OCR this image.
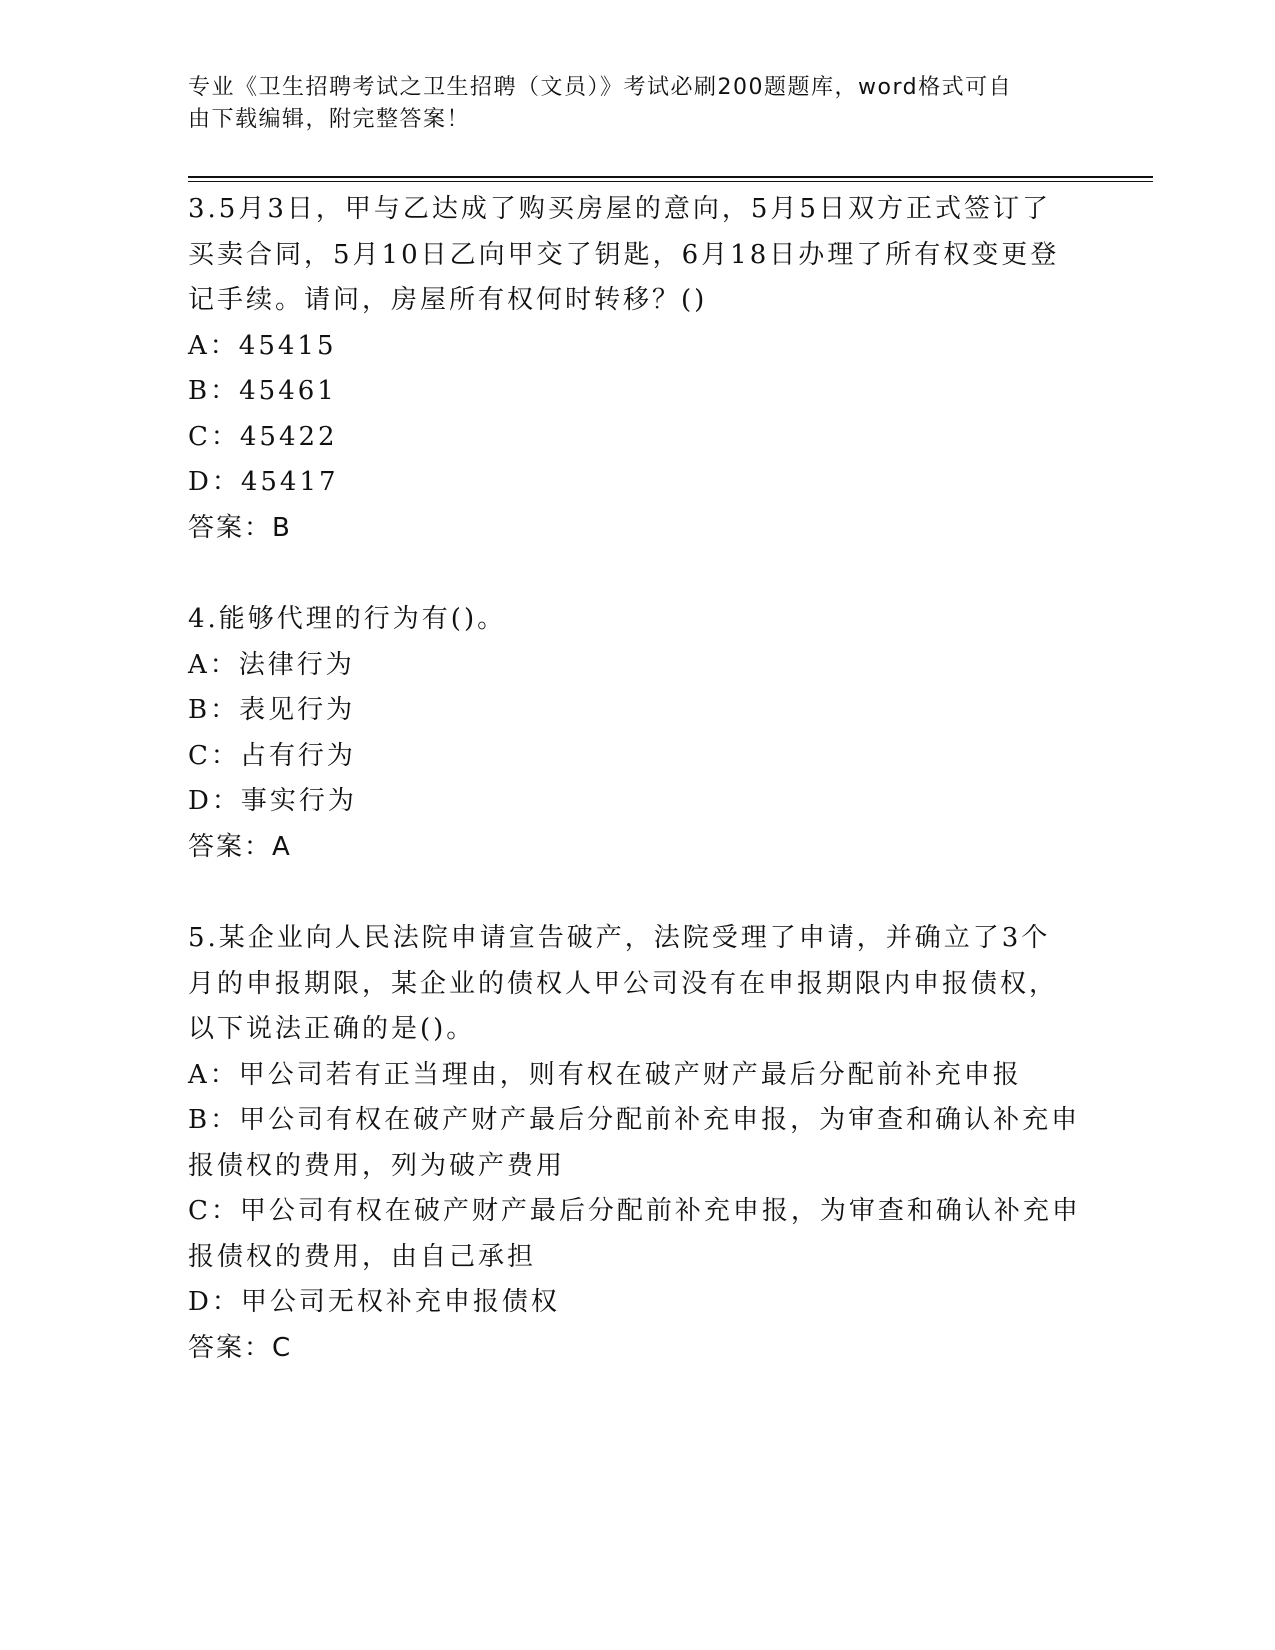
专业《卫生招聘考试之卫生招聘（文员）》考试必刷200题题库，word格式可自
由下载编辑，附完整答案！
3.5月3日，甲与乙达成了购买房屋的意向，5月5日双方正式签订了
买卖合同，5月10日乙向甲交了钥匙，6月18日办理了所有权变更登
记手续。请问，房屋所有权何时转移？()
A：45415
B：45461
C：45422
D：45417
答案：B
4.能够代理的行为有()。
A：法律行为
B：表见行为
C：占有行为
D：事实行为
答案：A
5.某企业向人民法院申请宣告破产，法院受理了申请，并确立了3个
月的申报期限，某企业的债权人甲公司没有在申报期限内申报债权，
以下说法正确的是()。
A：甲公司若有正当理由，则有权在破产财产最后分配前补充申报
B：甲公司有权在破产财产最后分配前补充申报，为审查和确认补充申
报债权的费用，列为破产费用
C：甲公司有权在破产财产最后分配前补充申报，为审查和确认补充申
报债权的费用，由自己承担
D：甲公司无权补充申报债权
答案：C
